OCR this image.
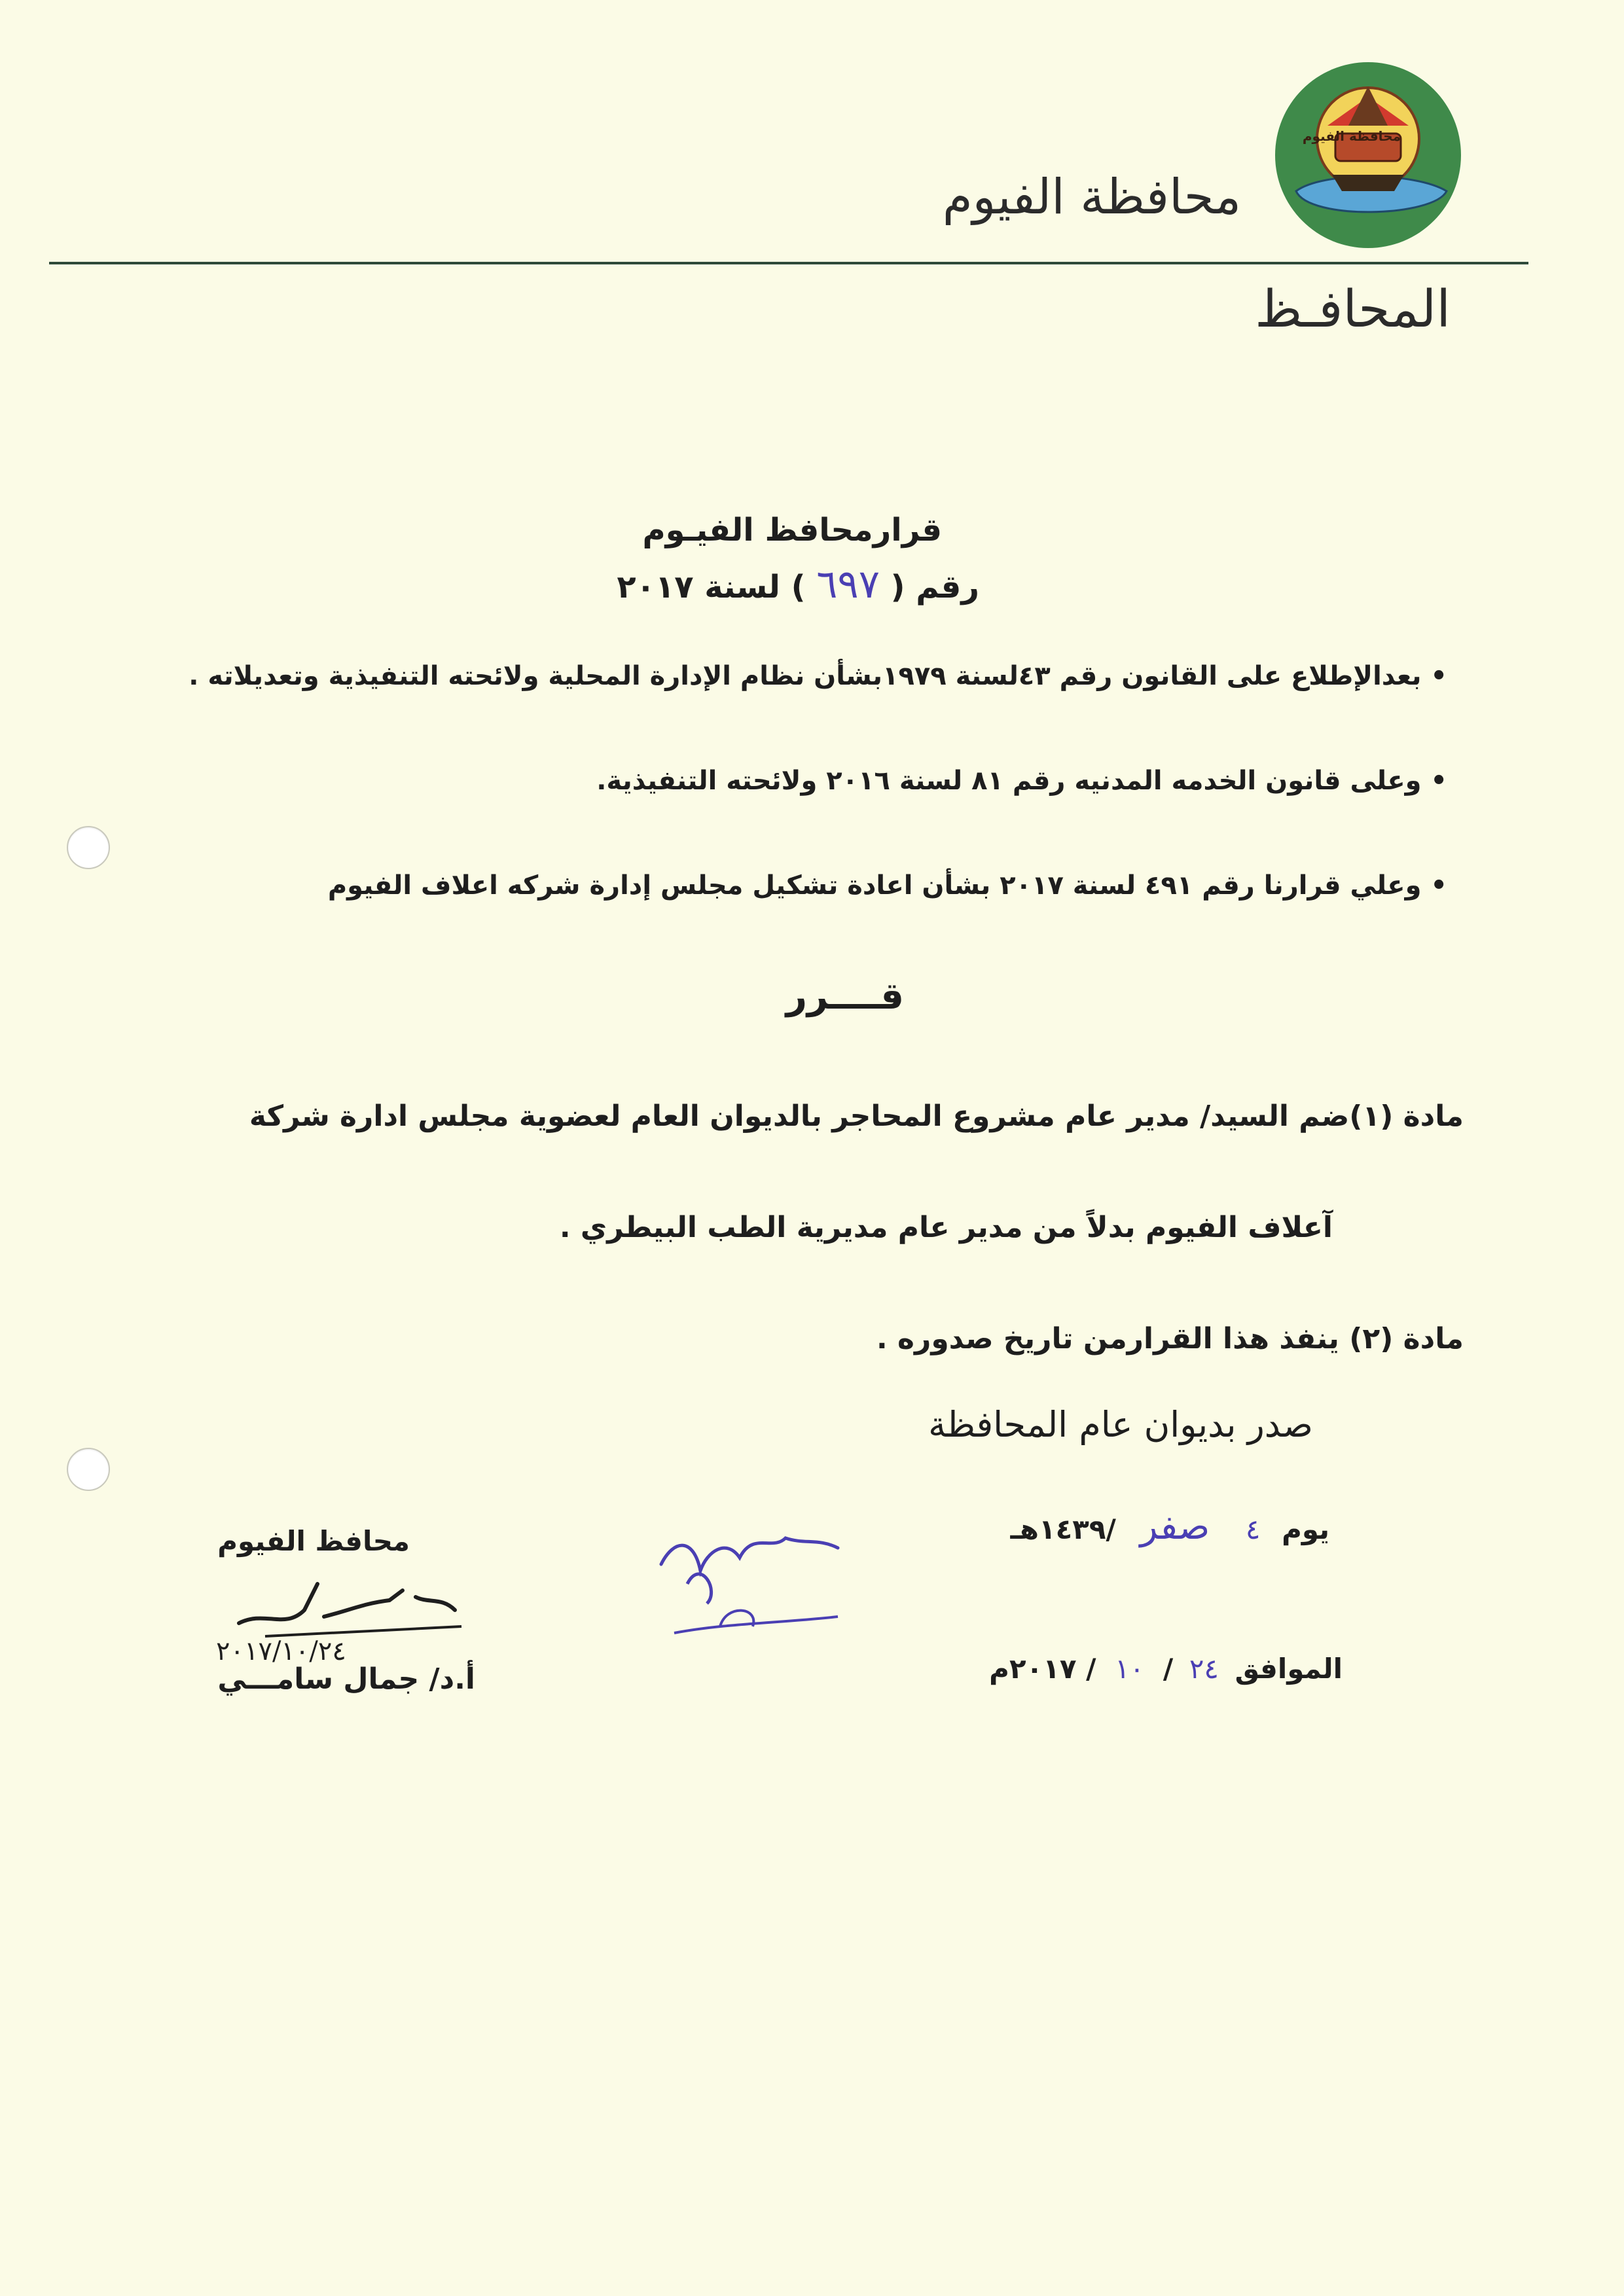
محافظة الفيوم
محافظة الفيوم
المحافـظ
قرارمحافظ الفيـوم
رقم ( ٦٩٧ ) لسنة ٢٠١٧
• بعدالإطلاع على القانون رقم ٤٣لسنة ١٩٧٩بشأن نظام الإدارة المحلية ولائحته التنفيذية وتعديلاته .
• وعلى قانون الخدمه المدنيه رقم ٨١ لسنة ٢٠١٦ ولائحته التنفيذية.
• وعلي قرارنا رقم ٤٩١ لسنة ٢٠١٧ بشأن اعادة تشكيل مجلس إدارة شركه اعلاف الفيوم
قــــرر
مادة (١)ضم السيد/ مدير عام مشروع المحاجر بالديوان العام لعضوية مجلس ادارة شركة
آعلاف الفيوم بدلاً من مدير عام مديرية الطب البيطري .
مادة (٢) ينفذ هذا القرارمن تاريخ صدوره .
صدر بديوان عام المحافظة
يوم ٤ صفر /١٤٣٩هـ
الموافق ٢٤ / ١٠ / ٢٠١٧م
محافظ الفيوم
٢٠١٧/١٠/٢٤
أ.د/ جمال سامـــي
